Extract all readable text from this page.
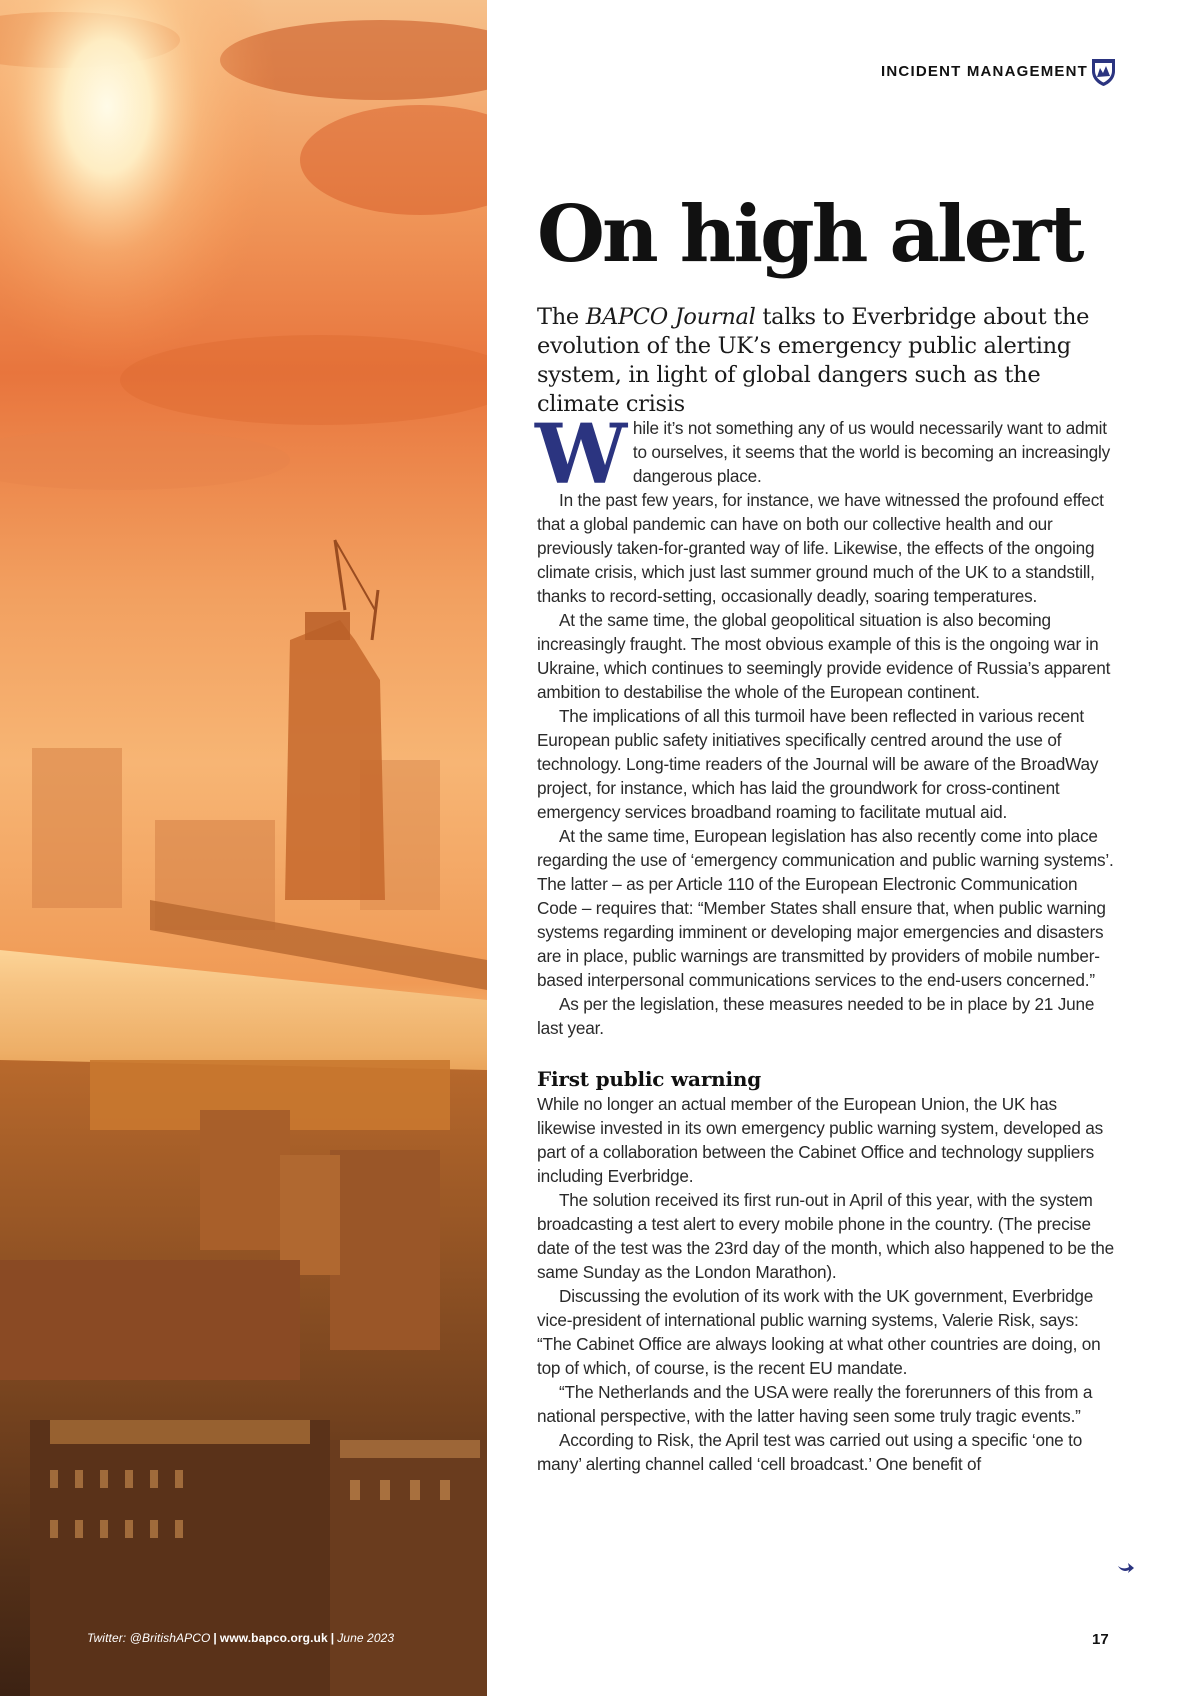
Twitter: @BritishAPCO | www.bapco.org.uk | June 2023
INCIDENT MANAGEMENT
On high alert

The BAPCO Journal talks to Everbridge about the evolution of the UK’s emergency public alerting system, in light of global dangers such as the climate crisis

While it’s not something any of us would necessarily want to admit to ourselves, it seems that the world is becoming an increasingly dangerous place.

In the past few years, for instance, we have witnessed the profound effect that a global pandemic can have on both our collective health and our previously taken-for-granted way of life. Likewise, the effects of the ongoing climate crisis, which just last summer ground much of the UK to a standstill, thanks to record-setting, occasionally deadly, soaring temperatures.

At the same time, the global geopolitical situation is also becoming increasingly fraught. The most obvious example of this is the ongoing war in Ukraine, which continues to seemingly provide evidence of Russia’s apparent ambition to destabilise the whole of the European continent.

The implications of all this turmoil have been reflected in various recent European public safety initiatives specifically centred around the use of technology. Long-time readers of the Journal will be aware of the BroadWay project, for instance, which has laid the groundwork for cross-continent emergency services broadband roaming to facilitate mutual aid.

At the same time, European legislation has also recently come into place regarding the use of ‘emergency communication and public warning systems’. The latter – as per Article 110 of the European Electronic Communication Code – requires that: “Member States shall ensure that, when public warning systems regarding imminent or developing major emergencies and disasters are in place, public warnings are transmitted by providers of mobile number-based interpersonal communications services to the end-users concerned.”

As per the legislation, these measures needed to be in place by 21 June last year.

First public warning

While no longer an actual member of the European Union, the UK has likewise invested in its own emergency public warning system, developed as part of a collaboration between the Cabinet Office and technology suppliers including Everbridge.

The solution received its first run-out in April of this year, with the system broadcasting a test alert to every mobile phone in the country. (The precise date of the test was the 23rd day of the month, which also happened to be the same Sunday as the London Marathon).

Discussing the evolution of its work with the UK government, Everbridge vice-president of international public warning systems, Valerie Risk, says: “The Cabinet Office are always looking at what other countries are doing, on top of which, of course, is the recent EU mandate.

“The Netherlands and the USA were really the forerunners of this from a national perspective, with the latter having seen some truly tragic events.”

According to Risk, the April test was carried out using a specific ‘one to many’ alerting channel called ‘cell broadcast.’ One benefit of

17
